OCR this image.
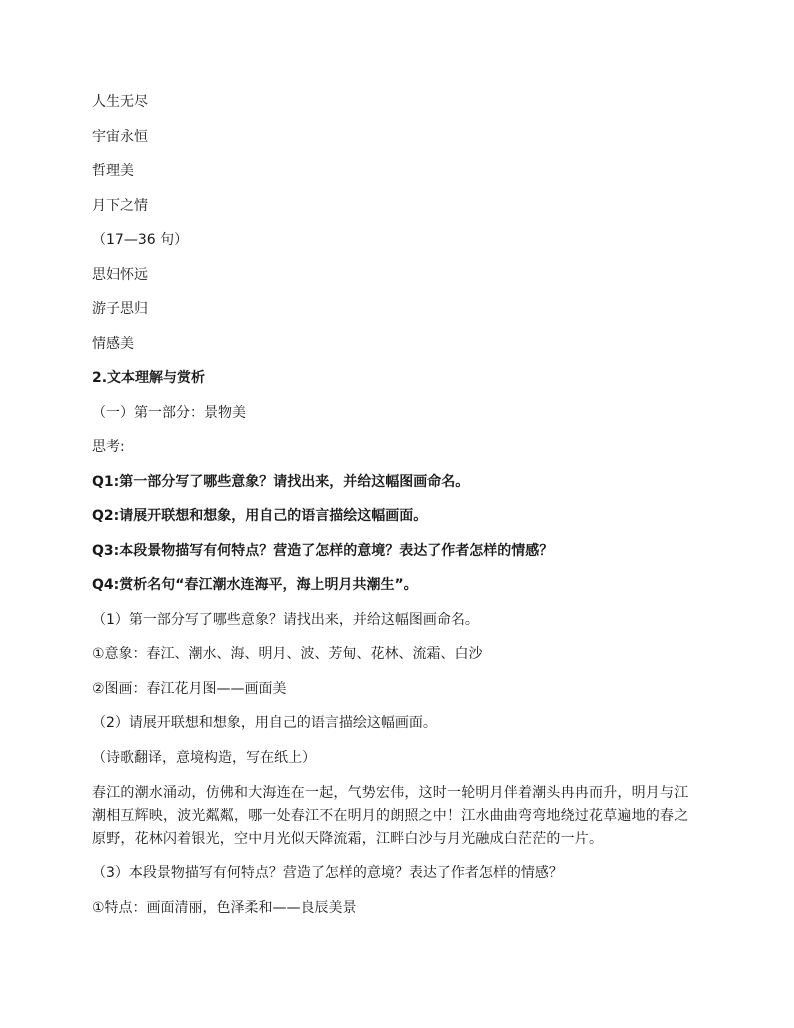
人生无尽
宇宙永恒
哲理美
月下之情
（17—36 句）
思妇怀远
游子思归
情感美
2.文本理解与赏析
（一）第一部分：景物美
思考:
Q1:第一部分写了哪些意象？请找出来，并给这幅图画命名。
Q2:请展开联想和想象，用自己的语言描绘这幅画面。
Q3:本段景物描写有何特点？营造了怎样的意境？表达了作者怎样的情感？
Q4:赏析名句“春江潮水连海平，海上明月共潮生”。
（1）第一部分写了哪些意象？请找出来，并给这幅图画命名。
①意象：春江、潮水、海、明月、波、芳甸、花林、流霜、白沙
②图画：春江花月图——画面美
（2）请展开联想和想象，用自己的语言描绘这幅画面。
（诗歌翻译，意境构造，写在纸上）
春江的潮水涌动，仿佛和大海连在一起，气势宏伟，这时一轮明月伴着潮头冉冉而升，明月与江潮相互辉映，波光粼粼，哪一处春江不在明月的朗照之中！江水曲曲弯弯地绕过花草遍地的春之原野，花林闪着银光，空中月光似天降流霜，江畔白沙与月光融成白茫茫的一片。
（3）本段景物描写有何特点？营造了怎样的意境？表达了作者怎样的情感？
①特点：画面清丽，色泽柔和——良辰美景
